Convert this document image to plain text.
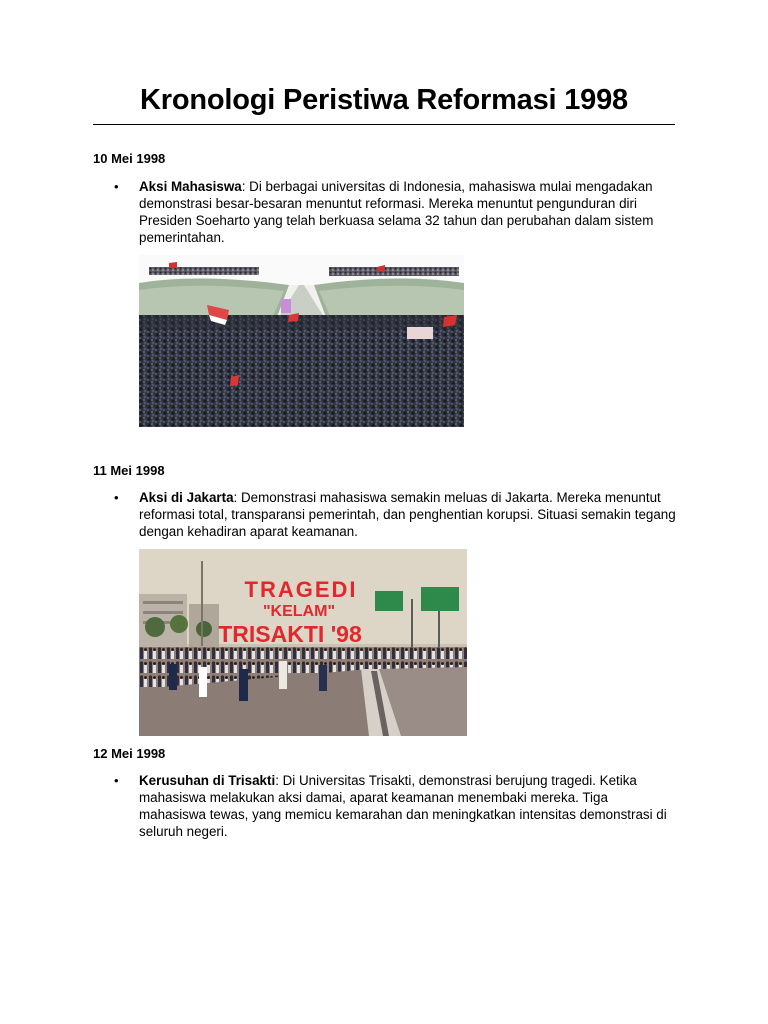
Kronologi Peristiwa Reformasi 1998
10 Mei 1998
• Aksi Mahasiswa: Di berbagai universitas di Indonesia, mahasiswa mulai mengadakan demonstrasi besar-besaran menuntut reformasi. Mereka menuntut pengunduran diri Presiden Soeharto yang telah berkuasa selama 32 tahun dan perubahan dalam sistem pemerintahan.
11 Mei 1998
• Aksi di Jakarta: Demonstrasi mahasiswa semakin meluas di Jakarta. Mereka menuntut reformasi total, transparansi pemerintah, dan penghentian korupsi. Situasi semakin tegang dengan kehadiran aparat keamanan.
TRAGEDI
"KELAM"
TRISAKTI '98
12 Mei 1998
• Kerusuhan di Trisakti: Di Universitas Trisakti, demonstrasi berujung tragedi. Ketika mahasiswa melakukan aksi damai, aparat keamanan menembaki mereka. Tiga mahasiswa tewas, yang memicu kemarahan dan meningkatkan intensitas demonstrasi di seluruh negeri.
